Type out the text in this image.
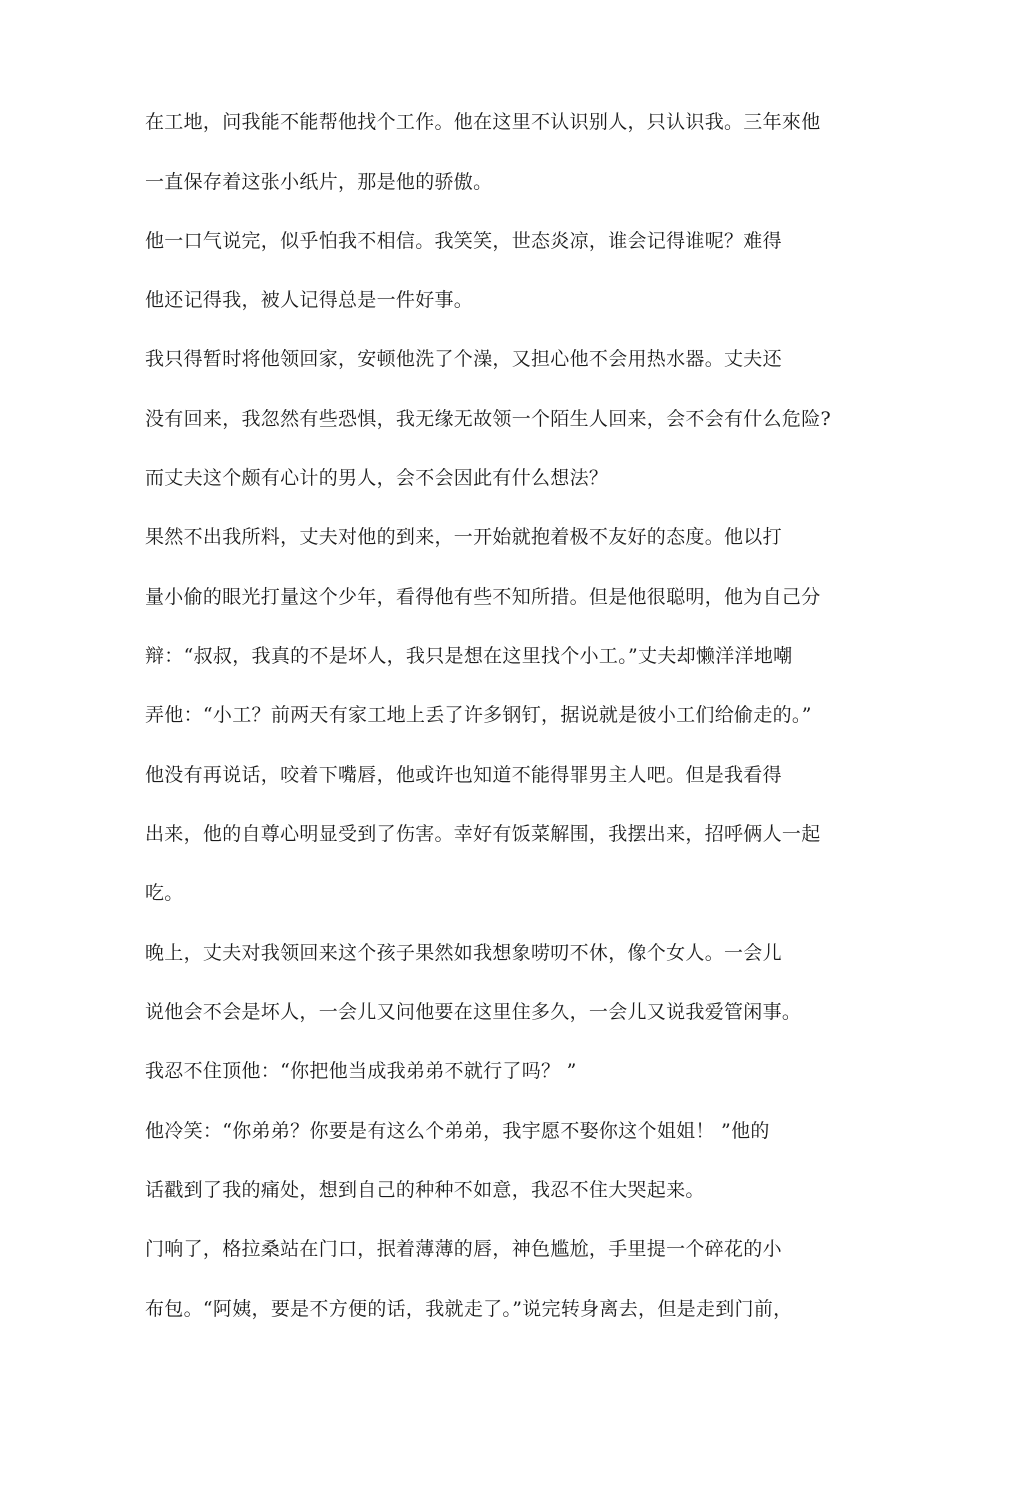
在工地，问我能不能帮他找个工作。他在这里不认识别人，只认识我。三年來他
一直保存着这张小纸片，那是他的骄傲。
他一口气说完，似乎怕我不相信。我笑笑，世态炎凉，谁会记得谁呢？难得
他还记得我，被人记得总是一件好事。
我只得暂时将他领回家，安顿他洗了个澡，又担心他不会用热水器。丈夫还
没有回来，我忽然有些恐惧，我无缘无故领一个陌生人回来，会不会有什么危险?
而丈夫这个颇有心计的男人，会不会因此有什么想法？
果然不出我所料，丈夫对他的到来，一开始就抱着极不友好的态度。他以打
量小偷的眼光打量这个少年，看得他有些不知所措。但是他很聪明，他为自己分
辩：“叔叔，我真的不是坏人，我只是想在这里找个小工。”丈夫却懒洋洋地嘲
弄他：“小工？前两天有家工地上丢了许多钢钉，据说就是彼小工们给偷走的。”
他没有再说话，咬着下嘴唇，他或许也知道不能得罪男主人吧。但是我看得
出来，他的自尊心明显受到了伤害。幸好有饭菜解围，我摆出来，招呼俩人一起
吃。
晚上，丈夫对我领回来这个孩子果然如我想象唠叨不休，像个女人。一会儿
说他会不会是坏人，一会儿又问他要在这里住多久，一会儿又说我爱管闲事。
我忍不住顶他：“你把他当成我弟弟不就行了吗？ ”
他冷笑：“你弟弟？你要是有这么个弟弟，我宇愿不娶你这个姐姐！ ”他的
话戳到了我的痛处，想到自己的种种不如意，我忍不住大哭起来。
门响了，格拉桑站在门口，抿着薄薄的唇，神色尴尬，手里提一个碎花的小
布包。“阿姨，要是不方便的话，我就走了。”说完转身离去，但是走到门前，
